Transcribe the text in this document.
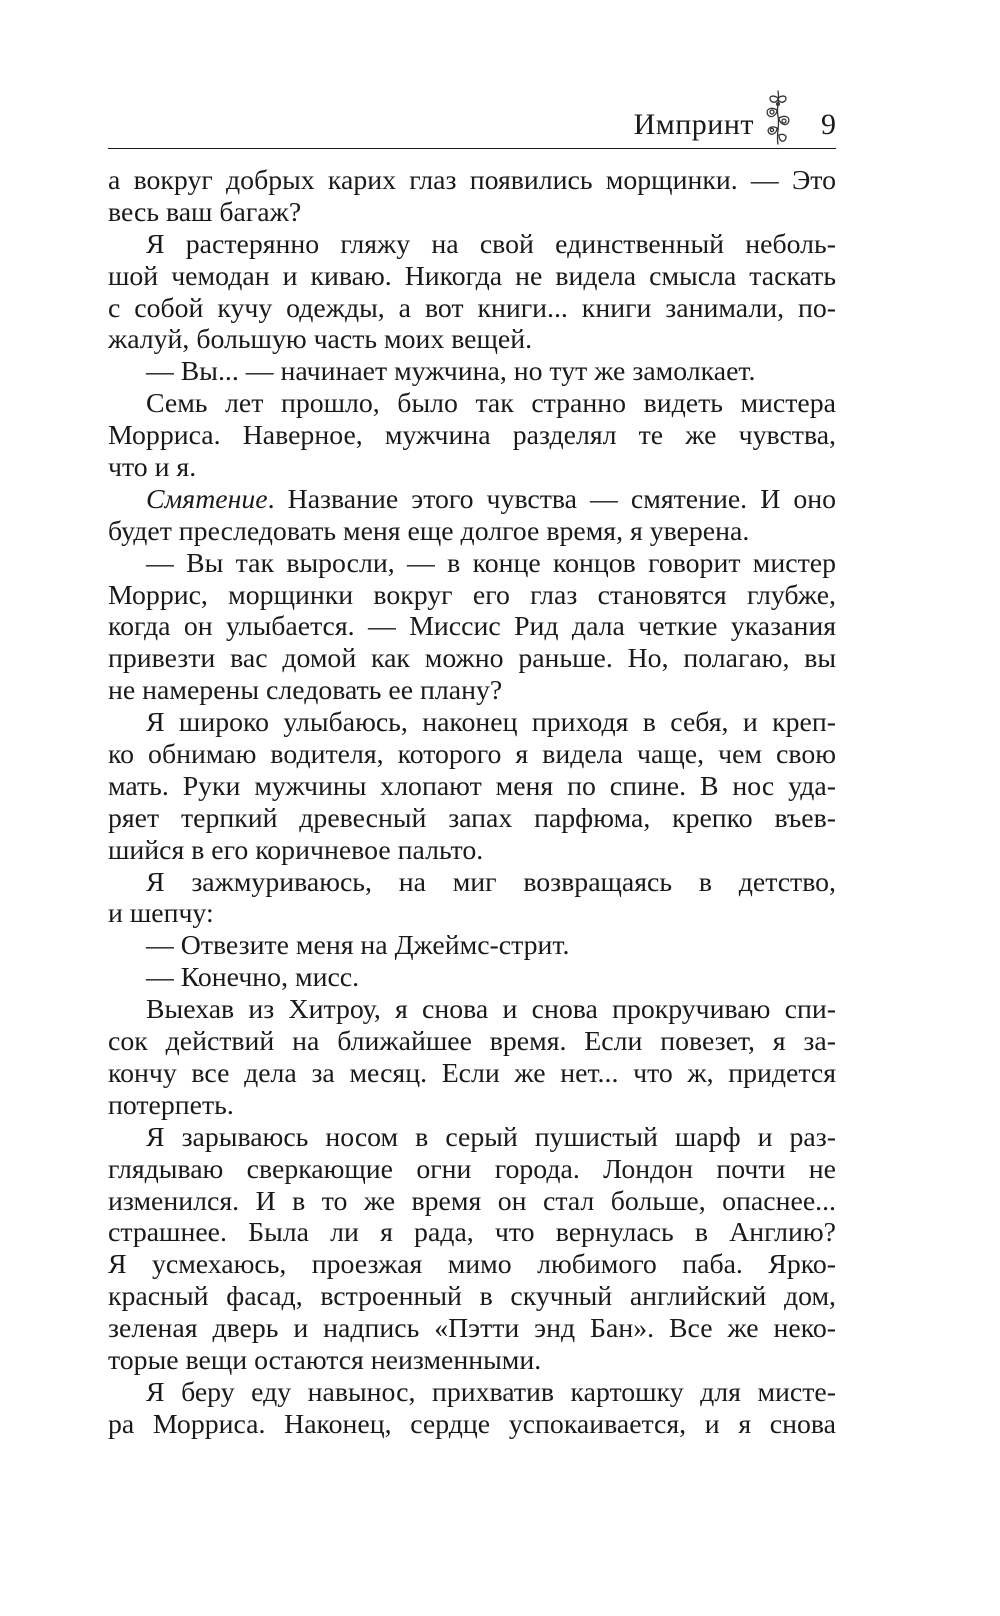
Импринт 9
а вокруг добрых карих глаз появились морщинки. — Это
весь ваш багаж?
Я растерянно гляжу на свой единственный неболь-
шой чемодан и киваю. Никогда не видела смысла таскать
с собой кучу одежды, а вот книги... книги занимали, по-
жалуй, большую часть моих вещей.
— Вы... — начинает мужчина, но тут же замолкает.
Семь лет прошло, было так странно видеть мистера
Морриса. Наверное, мужчина разделял те же чувства,
что и я.
Смятение. Название этого чувства — смятение. И оно
будет преследовать меня еще долгое время, я уверена.
— Вы так выросли, — в конце концов говорит мистер
Моррис, морщинки вокруг его глаз становятся глубже,
когда он улыбается. — Миссис Рид дала четкие указания
привезти вас домой как можно раньше. Но, полагаю, вы
не намерены следовать ее плану?
Я широко улыбаюсь, наконец приходя в себя, и креп-
ко обнимаю водителя, которого я видела чаще, чем свою
мать. Руки мужчины хлопают меня по спине. В нос уда-
ряет терпкий древесный запах парфюма, крепко въев-
шийся в его коричневое пальто.
Я зажмуриваюсь, на миг возвращаясь в детство,
и шепчу:
— Отвезите меня на Джеймс-стрит.
— Конечно, мисс.
Выехав из Хитроу, я снова и снова прокручиваю спи-
сок действий на ближайшее время. Если повезет, я за-
кончу все дела за месяц. Если же нет... что ж, придется
потерпеть.
Я зарываюсь носом в серый пушистый шарф и раз-
глядываю сверкающие огни города. Лондон почти не
изменился. И в то же время он стал больше, опаснее...
страшнее. Была ли я рада, что вернулась в Англию?
Я усмехаюсь, проезжая мимо любимого паба. Ярко-
красный фасад, встроенный в скучный английский дом,
зеленая дверь и надпись «Пэтти энд Бан». Все же неко-
торые вещи остаются неизменными.
Я беру еду навынос, прихватив картошку для мисте-
ра Морриса. Наконец, сердце успокаивается, и я снова
